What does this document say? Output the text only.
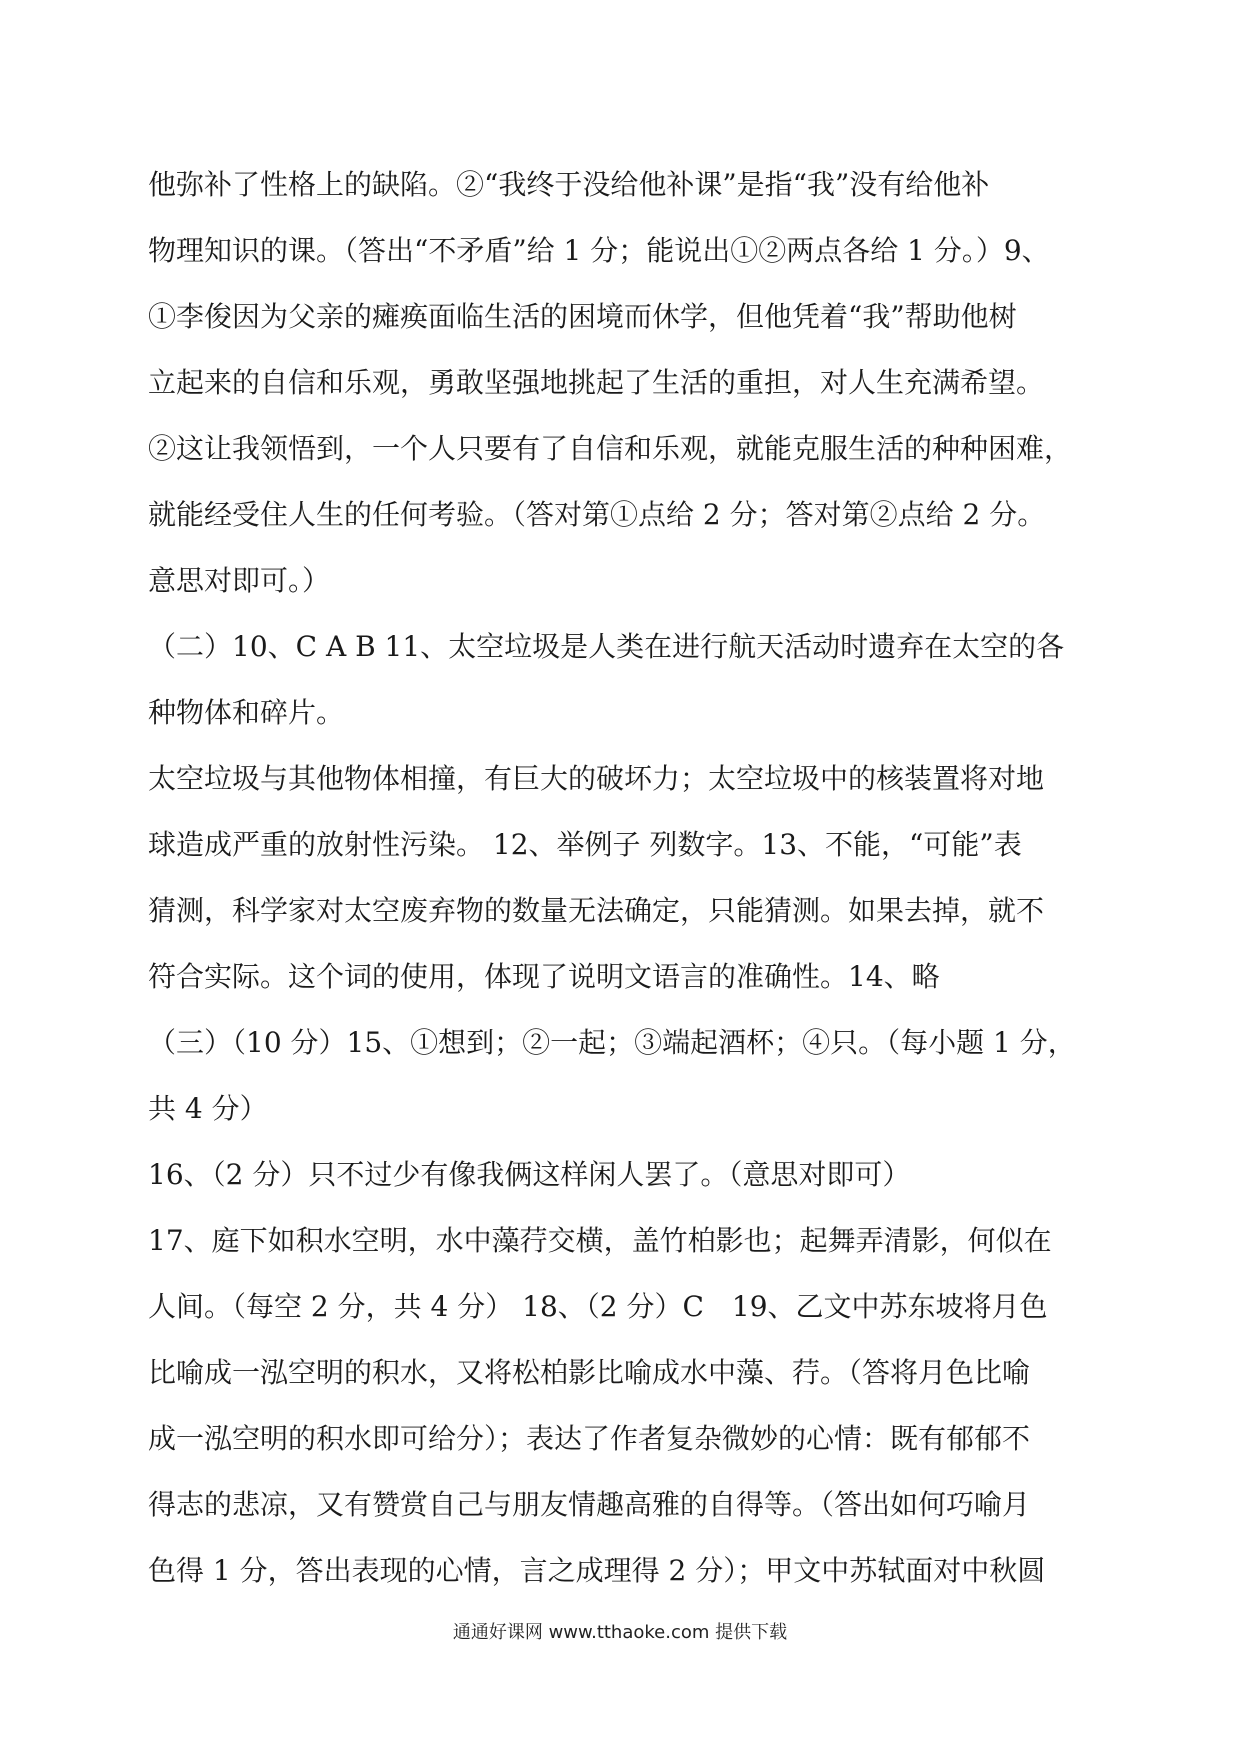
他弥补了性格上的缺陷。②“我终于没给他补课”是指“我”没有给他补
物理知识的课。（答出“不矛盾”给 1 分；能说出①②两点各给 1 分。）9、
①李俊因为父亲的瘫痪面临生活的困境而休学，但他凭着“我”帮助他树
立起来的自信和乐观，勇敢坚强地挑起了生活的重担，对人生充满希望。
②这让我领悟到，一个人只要有了自信和乐观，就能克服生活的种种困难，
就能经受住人生的任何考验。（答对第①点给 2 分；答对第②点给 2 分。
意思对即可。）
（二）10、C A B 11、太空垃圾是人类在进行航天活动时遗弃在太空的各
种物体和碎片。
太空垃圾与其他物体相撞，有巨大的破坏力；太空垃圾中的核装置将对地
球造成严重的放射性污染。 12、举例子 列数字。13、不能，“可能”表
猜测，科学家对太空废弃物的数量无法确定，只能猜测。如果去掉，就不
符合实际。这个词的使用，体现了说明文语言的准确性。14、略
（三）（10 分）15、①想到；②一起；③端起酒杯；④只。（每小题 1 分，
共 4 分）
16、（2 分）只不过少有像我俩这样闲人罢了。（意思对即可）
17、庭下如积水空明，水中藻荇交横，盖竹柏影也；起舞弄清影，何似在
人间。（每空 2 分，共 4 分） 18、（2 分）C　19、乙文中苏东坡将月色
比喻成一泓空明的积水，又将松柏影比喻成水中藻、荇。（答将月色比喻
成一泓空明的积水即可给分）；表达了作者复杂微妙的心情：既有郁郁不
得志的悲凉，又有赞赏自己与朋友情趣高雅的自得等。（答出如何巧喻月
色得 1 分，答出表现的心情，言之成理得 2 分）；甲文中苏轼面对中秋圆
通通好课网 www.tthaoke.com 提供下载
